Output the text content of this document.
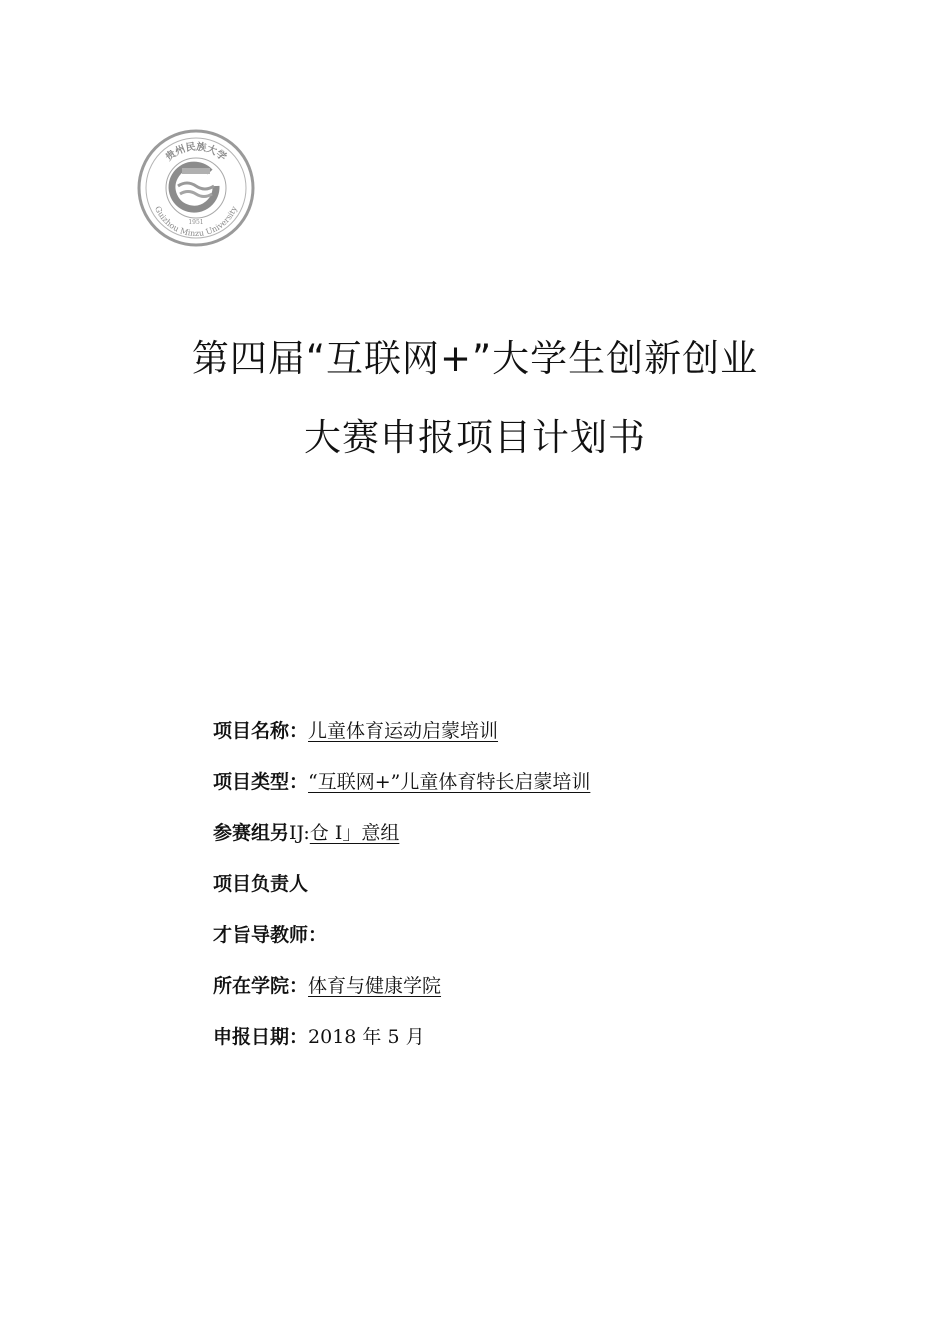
贵州民族大学
Guizhou Minzu University
1951
第四届“互联网+”大学生创新创业
大赛申报项目计划书
项目名称：儿童体育运动启蒙培训
项目类型：“互联网+”儿童体育特长启蒙培训
参赛组另IJ:仓 I」意组
项目负责人
才旨导教师：
所在学院：体育与健康学院
申报日期：2018 年 5 月
